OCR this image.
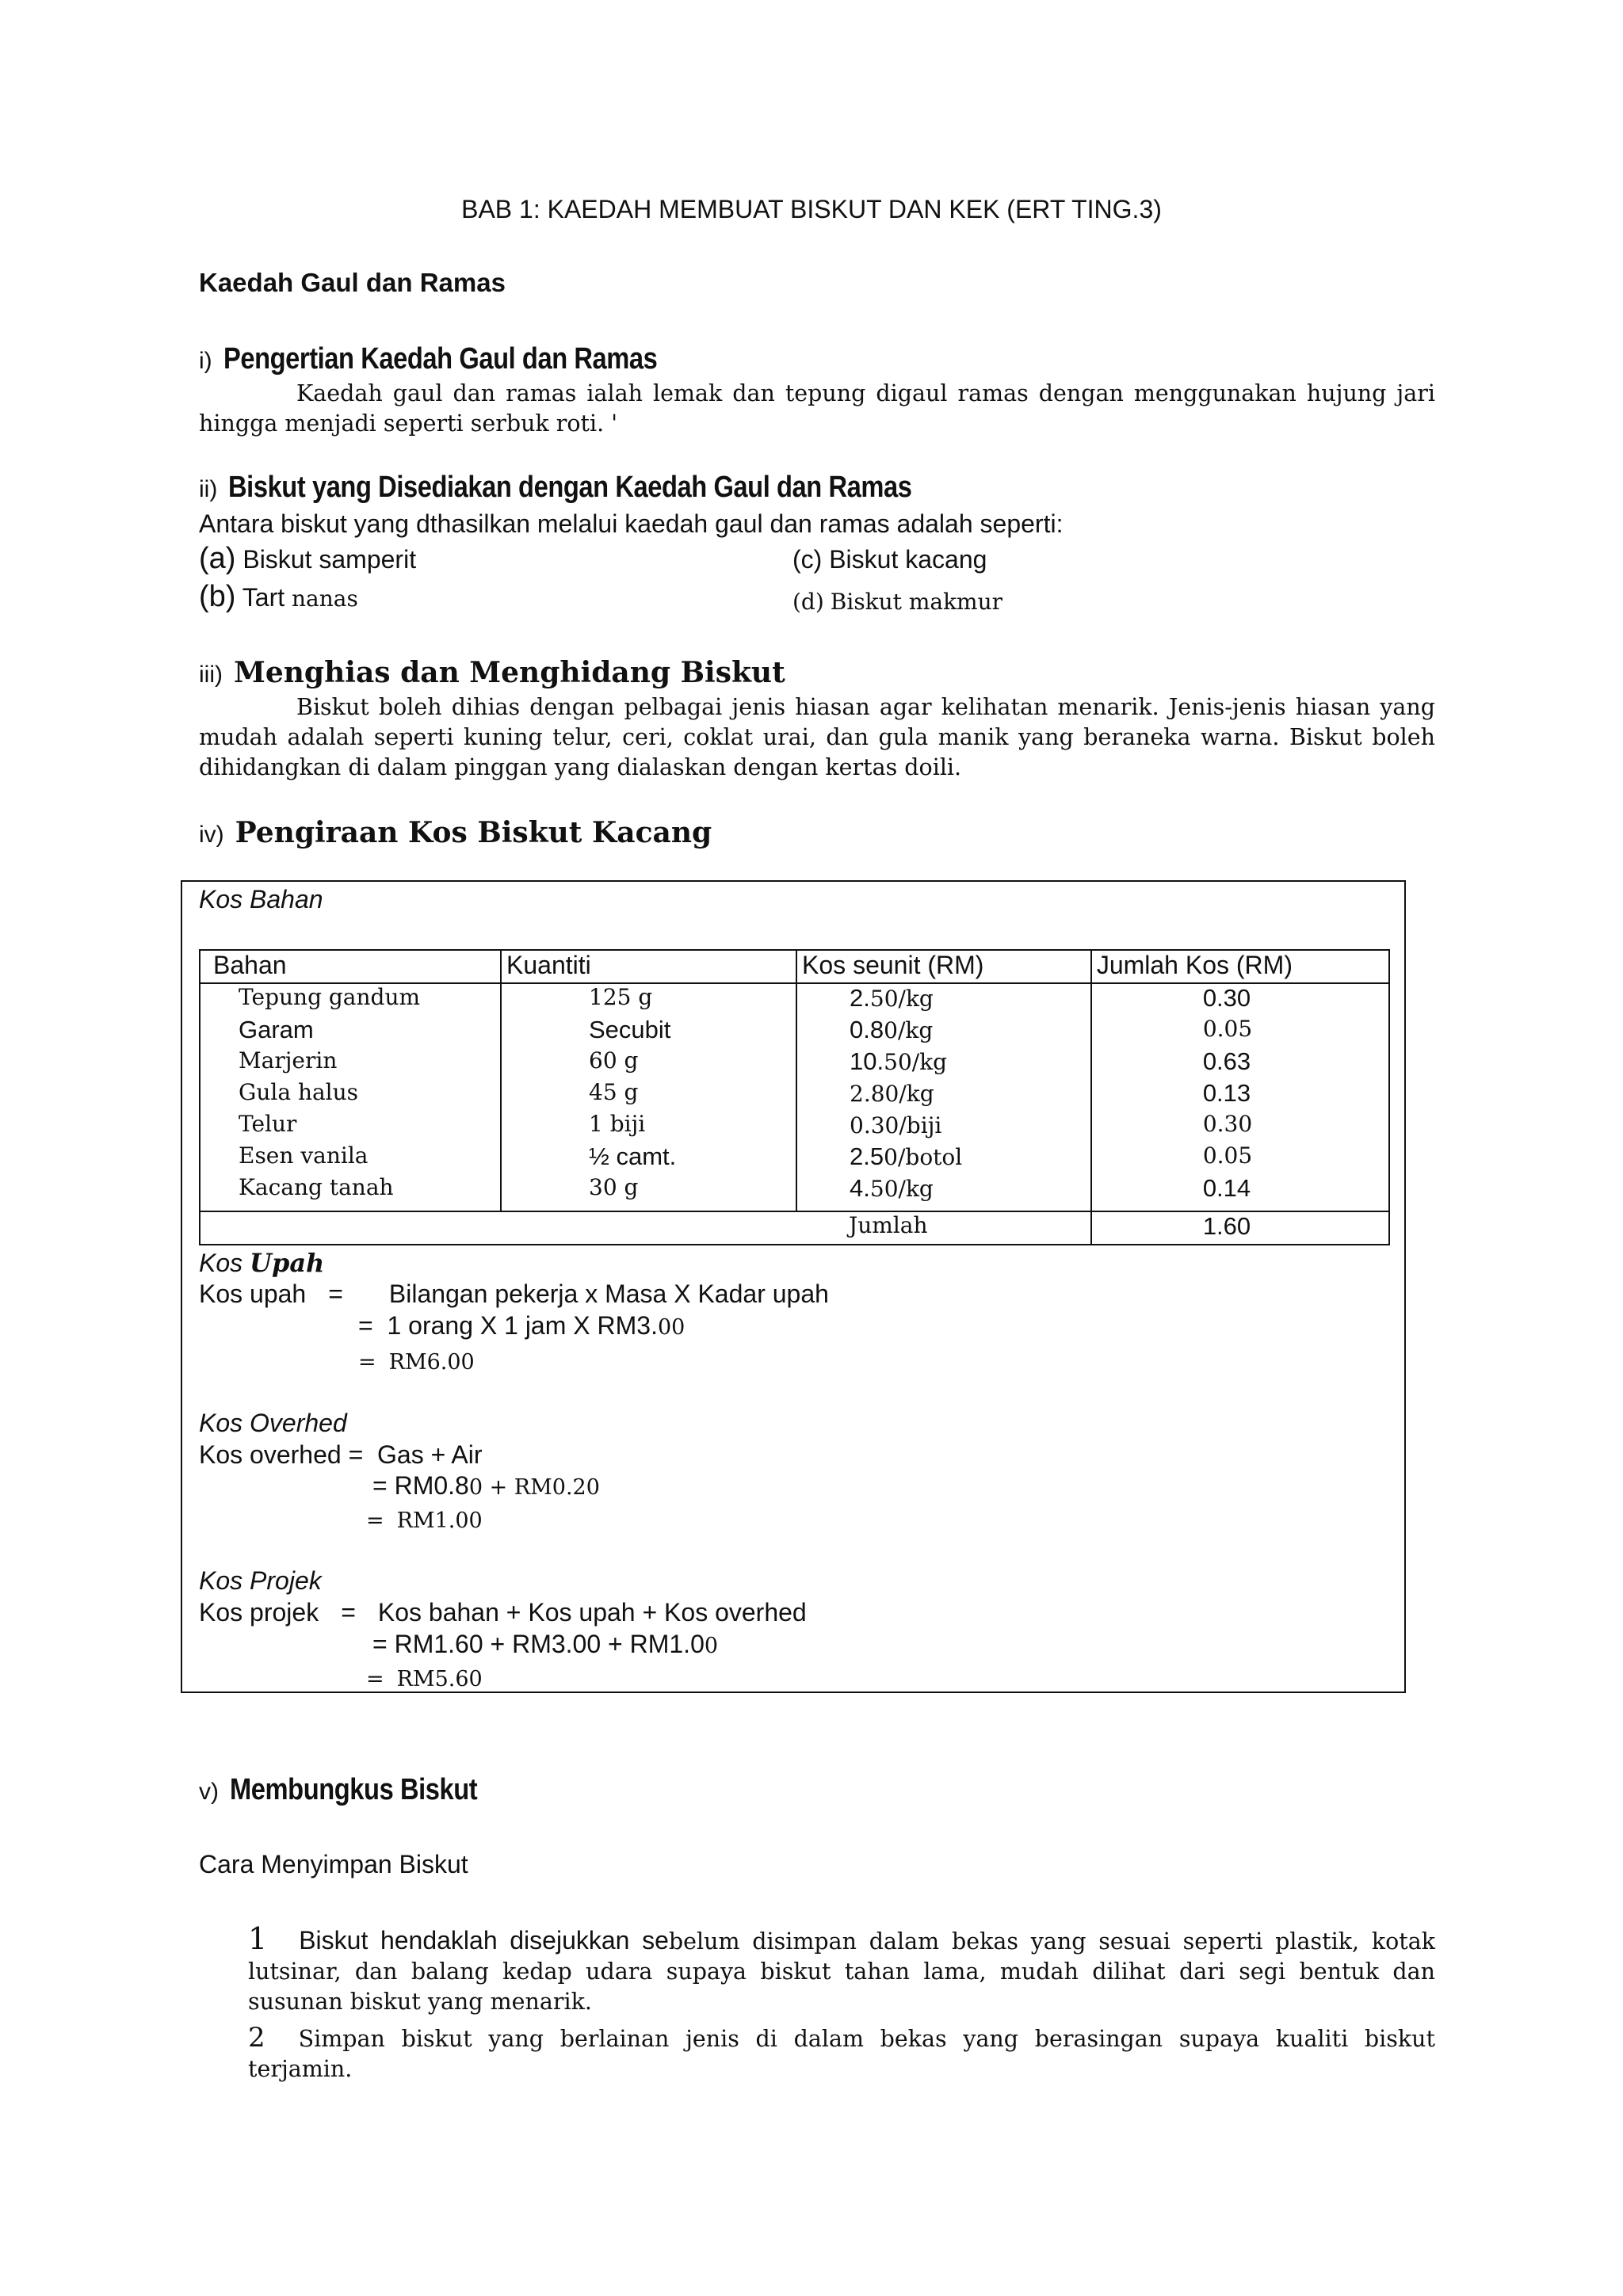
BAB 1: KAEDAH MEMBUAT BISKUT DAN KEK (ERT TING.3)
Kaedah Gaul dan Ramas
i) Pengertian Kaedah Gaul dan Ramas
Kaedah gaul dan ramas ialah lemak dan tepung digaul ramas dengan menggunakan hujung jari hingga menjadi seperti serbuk roti. '
ii) Biskut yang Disediakan dengan Kaedah Gaul dan Ramas
Antara biskut yang dthasilkan melalui kaedah gaul dan ramas adalah seperti:
(a) Biskut samperit
(b) Tart nanas
(c) Biskut kacang
(d) Biskut makmur
iii) Menghias dan Menghidang Biskut
Biskut boleh dihias dengan pelbagai jenis hiasan agar kelihatan menarik. Jenis-jenis hiasan yang mudah adalah seperti kuning telur, ceri, coklat urai, dan gula manik yang beraneka warna. Biskut boleh dihidangkan di dalam pinggan yang dialaskan dengan kertas doili.
iv) Pengiraan Kos Biskut Kacang
Kos Bahan
Bahan	Kuantiti	Kos seunit (RM)	Jumlah Kos (RM)
Tepung gandum	125 g	2.50/kg	0.30
Garam	Secubit	0.80/kg	0.05
Marjerin	60 g	10.50/kg	0.63
Gula halus	45 g	2.80/kg	0.13
Telur	1 biji	0.30/biji	0.30
Esen vanila	½ camt.	2.50/botol	0.05
Kacang tanah	30 g	4.50/kg	0.14
		Jumlah	1.60
Kos Upah
Kos upah = Bilangan pekerja x Masa X Kadar upah
= 1 orang X 1 jam X RM3.00
= RM6.00
Kos Overhed
Kos overhed = Gas + Air
= RM0.80 + RM0.20
= RM1.00
Kos Projek
Kos projek = Kos bahan + Kos upah + Kos overhed
= RM1.60 + RM3.00 + RM1.00
= RM5.60
v) Membungkus Biskut
Cara Menyimpan Biskut
1 Biskut hendaklah disejukkan sebelum disimpan dalam bekas yang sesuai seperti plastik, kotak lutsinar, dan balang kedap udara supaya biskut tahan lama, mudah dilihat dari segi bentuk dan susunan biskut yang menarik.
2 Simpan biskut yang berlainan jenis di dalam bekas yang berasingan supaya kualiti biskut terjamin.
